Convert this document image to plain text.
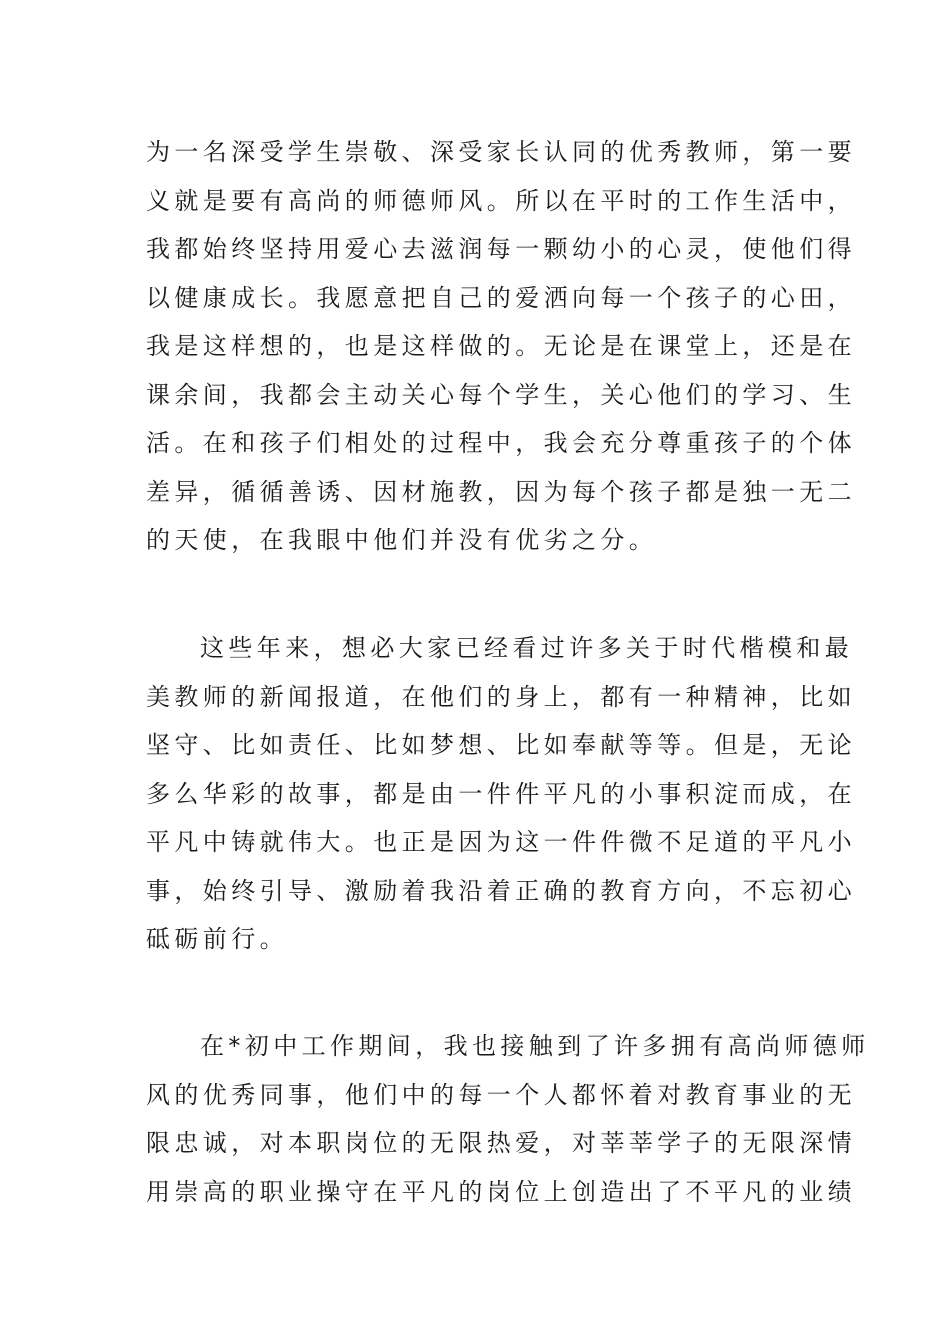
为一名深受学生崇敬、深受家长认同的优秀教师，第一要
义就是要有高尚的师德师风。所以在平时的工作生活中，
我都始终坚持用爱心去滋润每一颗幼小的心灵，使他们得
以健康成长。我愿意把自己的爱洒向每一个孩子的心田，
我是这样想的，也是这样做的。无论是在课堂上，还是在
课余间，我都会主动关心每个学生，关心他们的学习、生
活。在和孩子们相处的过程中，我会充分尊重孩子的个体
差异，循循善诱、因材施教，因为每个孩子都是独一无二
的天使，在我眼中他们并没有优劣之分。
这些年来，想必大家已经看过许多关于时代楷模和最
美教师的新闻报道，在他们的身上，都有一种精神，比如
坚守、比如责任、比如梦想、比如奉献等等。但是，无论
多么华彩的故事，都是由一件件平凡的小事积淀而成，在
平凡中铸就伟大。也正是因为这一件件微不足道的平凡小
事，始终引导、激励着我沿着正确的教育方向，不忘初心
砥砺前行。
在*初中工作期间，我也接触到了许多拥有高尚师德师
风的优秀同事，他们中的每一个人都怀着对教育事业的无
限忠诚，对本职岗位的无限热爱，对莘莘学子的无限深情
用崇高的职业操守在平凡的岗位上创造出了不平凡的业绩
